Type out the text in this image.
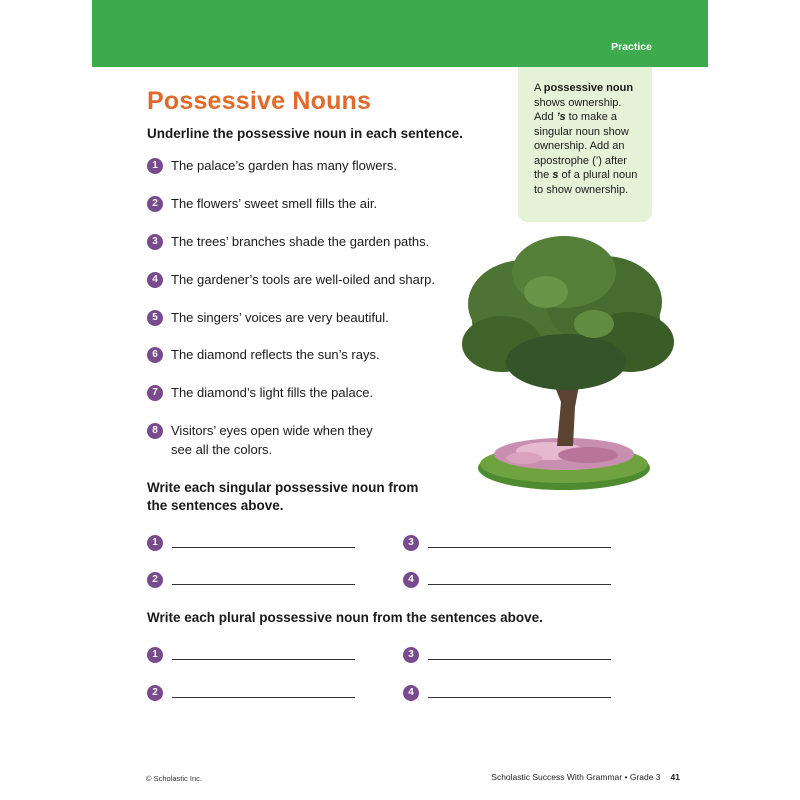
Practice
Possessive Nouns	A possessive noun shows ownership. Add ’s to make a singular noun show ownership. Add an apostrophe (’) after the s of a plural noun to show ownership.

Underline the possessive noun in each sentence.

1	The palace’s garden has many flowers.
2	The flowers’ sweet smell fills the air.
3	The trees’ branches shade the garden paths.
4	The gardener’s tools are well-oiled and sharp.
5	The singers’ voices are very beautiful.
6	The diamond reflects the sun’s rays.
7	The diamond’s light fills the palace.
8	Visitors’ eyes open wide when they
see all the colors.

Write each singular possessive noun from
the sentences above.

1	3
2	4

Write each plural possessive noun from the sentences above.

1	3
2	4
© Scholastic Inc.	Scholastic Success With Grammar • Grade 3 41
